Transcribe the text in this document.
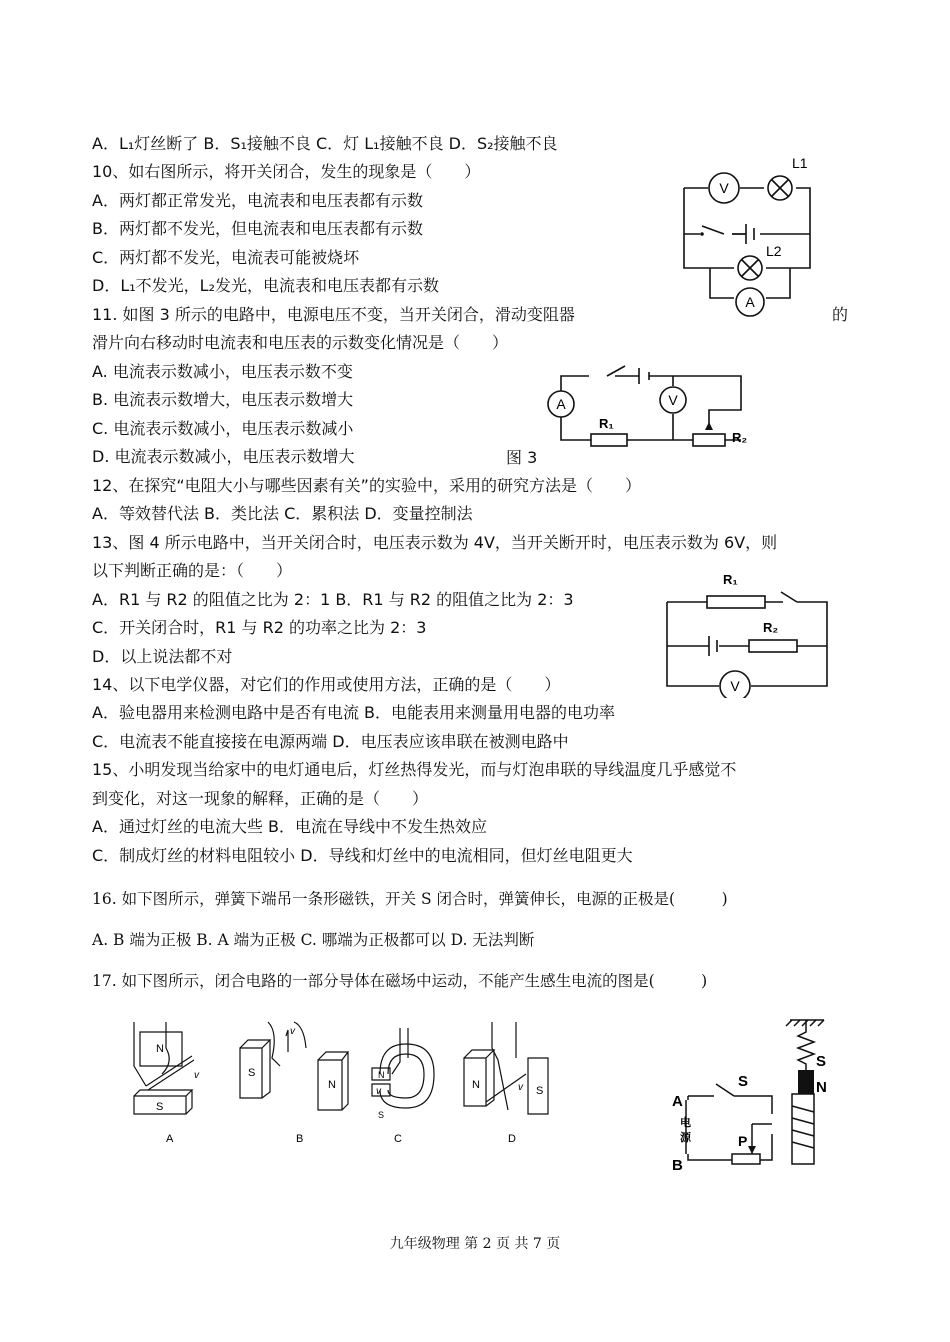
A．L₁灯丝断了 B．S₁接触不良 C．灯 L₁接触不良 D．S₂接触不良
10、如右图所示，将开关闭合，发生的现象是（　　）
A．两灯都正常发光，电流表和电压表都有示数
B．两灯都不发光，但电流表和电压表都有示数
C．两灯都不发光，电流表可能被烧坏
D．L₁不发光，L₂发光，电流表和电压表都有示数
11. 如图 3 所示的电路中，电源电压不变，当开关闭合，滑动变阻器	的
滑片向右移动时电流表和电压表的示数变化情况是（　　）
A. 电流表示数减小，电压表示数不变
B. 电流表示数增大，电压表示数增大
C. 电流表示数减小，电压表示数减小
D. 电流表示数减小，电压表示数增大
12、在探究“电阻大小与哪些因素有关”的实验中，采用的研究方法是（　　）
A．等效替代法 B．类比法 C．累积法 D．变量控制法
13、图 4 所示电路中，当开关闭合时，电压表示数为 4V，当开关断开时，电压表示数为 6V，则
以下判断正确的是：（　　）
A．R1 与 R2 的阻值之比为 2：1 B．R1 与 R2 的阻值之比为 2：3
C．开关闭合时，R1 与 R2 的功率之比为 2：3
D．以上说法都不对
14、以下电学仪器，对它们的作用或使用方法，正确的是（　　）
A．验电器用来检测电路中是否有电流 B．电能表用来测量用电器的电功率
C．电流表不能直接接在电源两端 D．电压表应该串联在被测电路中
15、小明发现当给家中的电灯通电后，灯丝热得发光，而与灯泡串联的导线温度几乎感觉不
到变化，对这一现象的解释，正确的是（　　）
A．通过灯丝的电流大些 B．电流在导线中不发生热效应
C．制成灯丝的材料电阻较小 D．导线和灯丝中的电流相同，但灯丝电阻更大
16. 如下图所示，弹簧下端吊一条形磁铁，开关 S 闭合时，弹簧伸长，电源的正极是(　　　)
A. B 端为正极 B. A 端为正极 C. 哪端为正极都可以 D. 无法判断
17. 如下图所示，闭合电路的一部分导体在磁场中运动，不能产生感生电流的图是(　　　)
V
L1
L2
A
A	V
R₁
R₂
图 3
R₁
R₂
V
N
S
v
A
S
N
v
B
v
N
S
C
N	S
v
D
S
N
S
A
B
P
电
源
九年级物理 第 2 页 共 7 页
